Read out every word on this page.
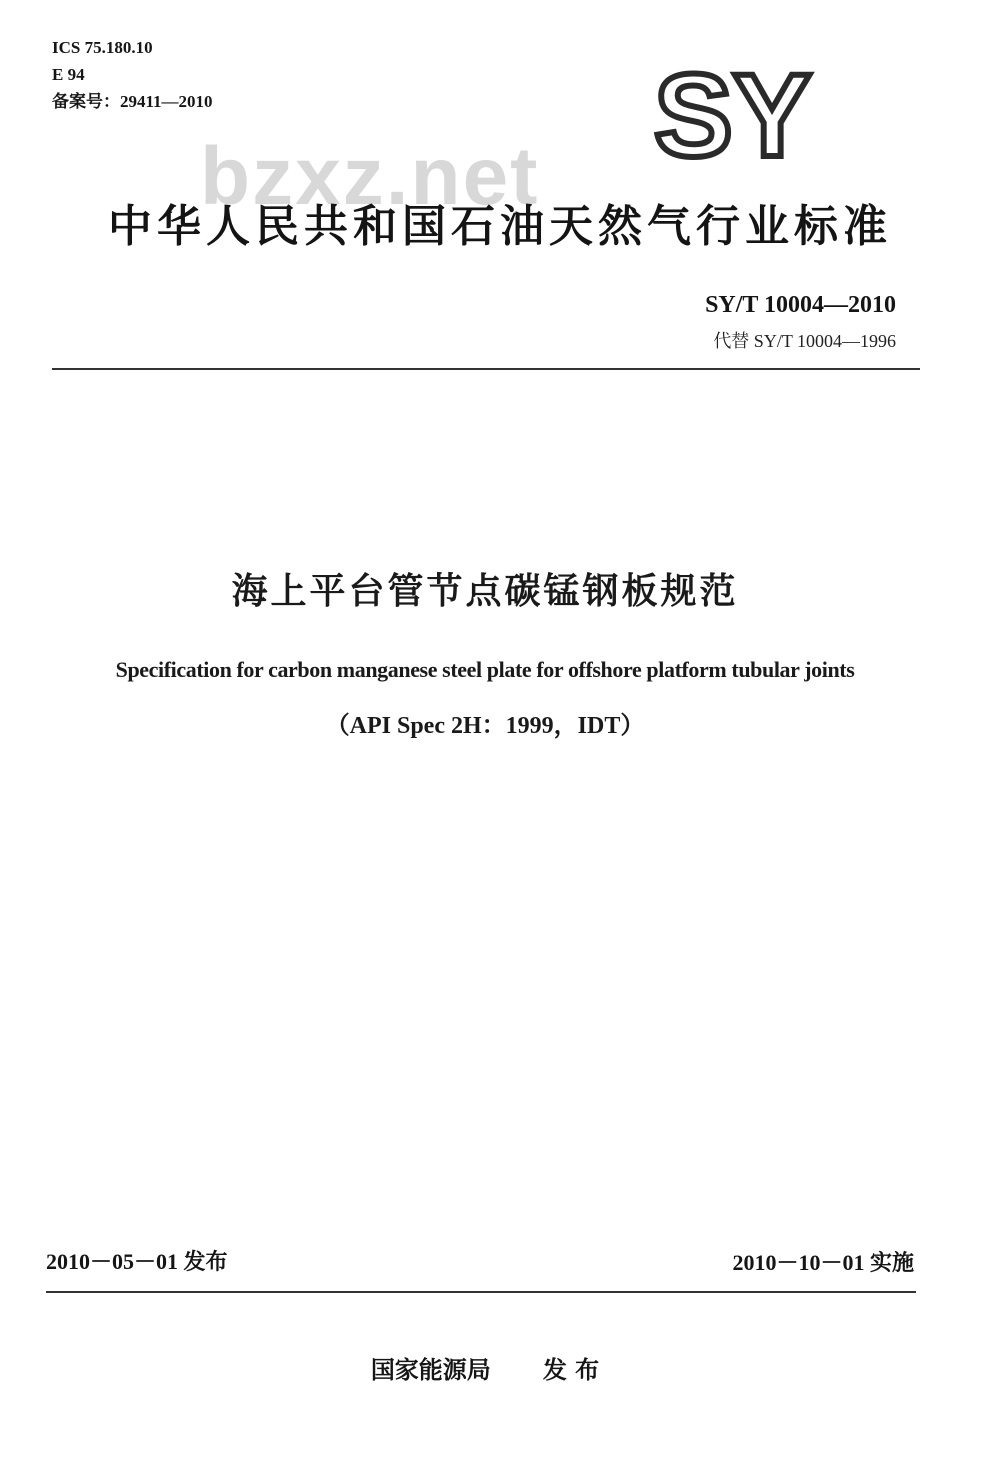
ICS 75.180.10
E 94
备案号：29411—2010	SY
bzxz.net
中华人民共和国石油天然气行业标准
SY/T 10004—2010
代替 SY/T 10004—1996
海上平台管节点碳锰钢板规范
Specification for carbon manganese steel plate for offshore platform tubular joints
（API Spec 2H：1999，IDT）
2010－05－01 发布	2010－10－01 实施
国家能源局 发 布
